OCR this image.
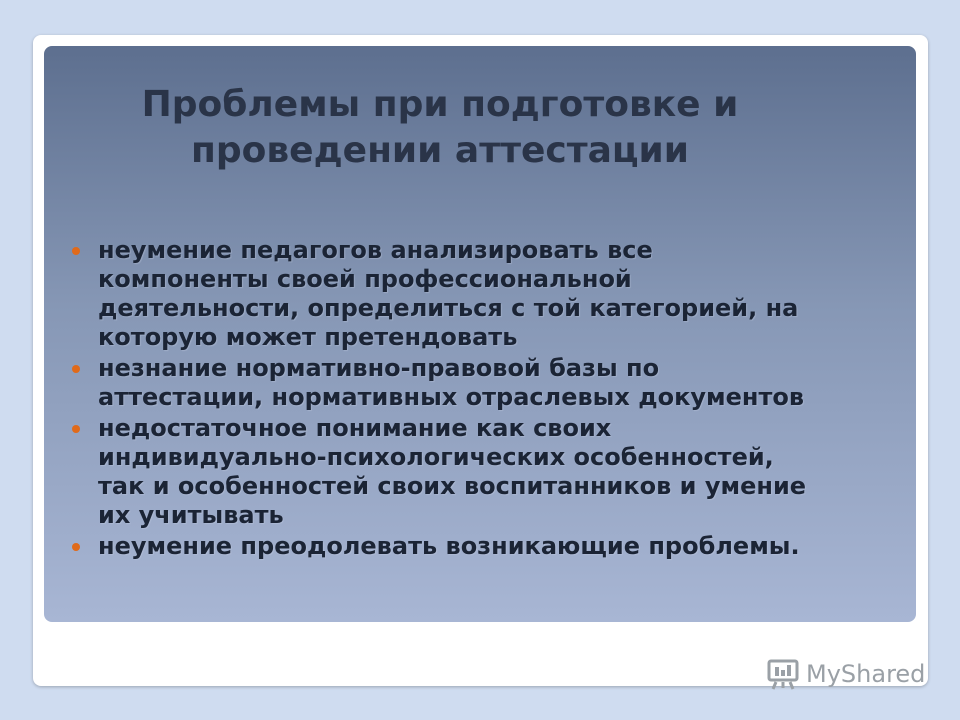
Проблемы при подготовке и
проведении аттестации
неумение педагогов анализировать все
компоненты своей профессиональной
деятельности, определиться с той категорией, на
которую может претендовать
незнание нормативно-правовой базы по
аттестации, нормативных отраслевых документов
недостаточное понимание как своих
индивидуально-психологических особенностей,
так и особенностей своих воспитанников и умение
их учитывать
неумение преодолевать возникающие проблемы.
MyShared
